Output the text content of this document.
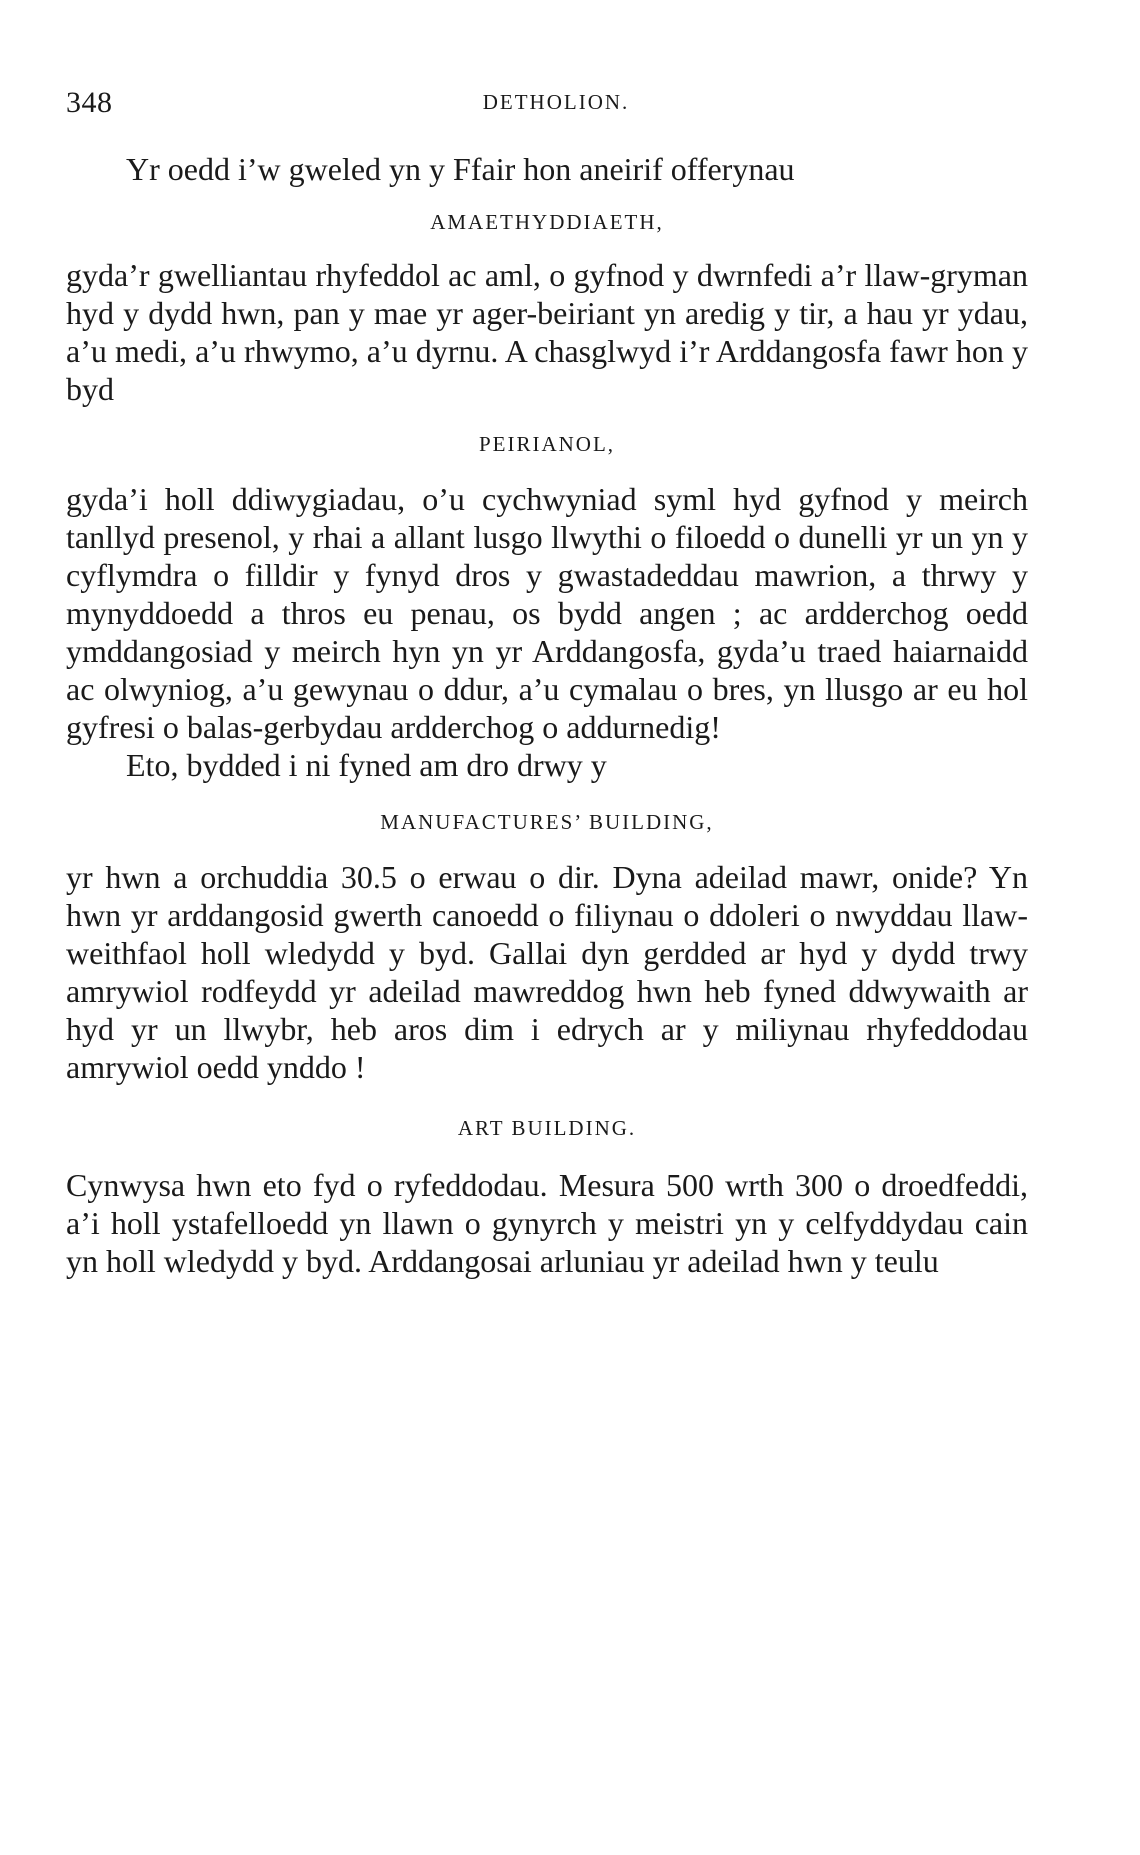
348	DETHOLION.

Yr oedd i’w gweled yn y Ffair hon aneirif offerynau

AMAETHYDDIAETH,

gyda’r gwelliantau rhyfeddol ac aml, o gyfnod y dwrnfedi a’r llaw-gryman hyd y dydd hwn, pan y mae yr ager-beiriant yn aredig y tir, a hau yr ydau, a’u medi, a’u rhwymo, a’u dyrnu. A chasglwyd i’r Arddangosfa fawr hon y byd

PEIRIANOL,

gyda’i holl ddiwygiadau, o’u cychwyniad syml hyd gyfnod y meirch tanllyd presenol, y rhai a allant lusgo llwythi o filoedd o dunelli yr un yn y cyflymdra o filldir y fynyd dros y gwastadeddau mawrion, a thrwy y mynyddoedd a thros eu penau, os bydd angen ; ac ardderchog oedd ymddangosiad y meirch hyn yn yr Arddangosfa, gyda’u traed haiarnaidd ac olwyniog, a’u gewynau o ddur, a’u cymalau o bres, yn llusgo ar eu hol gyfresi o balas-gerbydau ardderchog o addurnedig!

Eto, bydded i ni fyned am dro drwy y

MANUFACTURES’ BUILDING,

yr hwn a orchuddia 30.5 o erwau o dir. Dyna adeilad mawr, onide? Yn hwn yr arddangosid gwerth canoedd o filiynau o ddoleri o nwyddau llaw-weithfaol holl wledydd y byd. Gallai dyn gerdded ar hyd y dydd trwy amrywiol rodfeydd yr adeilad mawreddog hwn heb fyned ddwywaith ar hyd yr un llwybr, heb aros dim i edrych ar y miliynau rhyfeddodau amrywiol oedd ynddo !

ART BUILDING.

Cynwysa hwn eto fyd o ryfeddodau. Mesura 500 wrth 300 o droedfeddi, a’i holl ystafelloedd yn llawn o gynyrch y meistri yn y celfyddydau cain yn holl wledydd y byd. Arddangosai arluniau yr adeilad hwn y teulu
